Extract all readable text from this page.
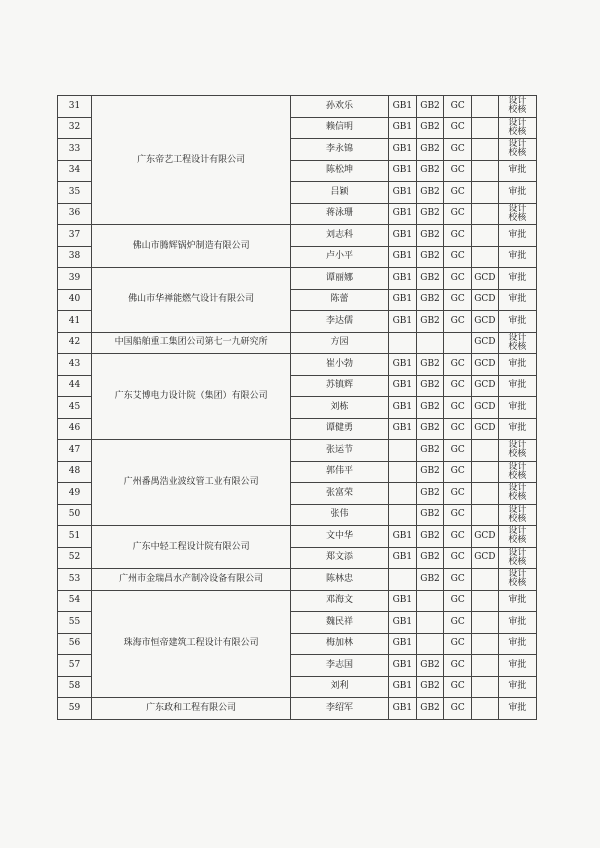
31	广东帝艺工程设计有限公司	孙欢乐	GB1	GB2	GC		设计
校核
32		赖信明	GB1	GB2	GC		设计
校核
33		李永锦	GB1	GB2	GC		设计
校核
34		陈松坤	GB1	GB2	GC		审批
35		吕颖	GB1	GB2	GC		审批
36		蒋泳珊	GB1	GB2	GC		设计
校核
37	佛山市腾辉锅炉制造有限公司	刘志科	GB1	GB2	GC		审批
38		卢小平	GB1	GB2	GC		审批
39	佛山市华禅能燃气设计有限公司	谭丽娜	GB1	GB2	GC	GCD	审批
40		陈蕾	GB1	GB2	GC	GCD	审批
41		李达儒	GB1	GB2	GC	GCD	审批
42	中国船舶重工集团公司第七一九研究所	方园				GCD	设计
校核
43	广东艾博电力设计院（集团）有限公司	崔小勃	GB1	GB2	GC	GCD	审批
44		苏镇辉	GB1	GB2	GC	GCD	审批
45		刘栋	GB1	GB2	GC	GCD	审批
46		谭健勇	GB1	GB2	GC	GCD	审批
47	广州番禺浩业波纹管工业有限公司	张运节		GB2	GC		设计
校核
48		郭伟平		GB2	GC		设计
校核
49		张富荣		GB2	GC		设计
校核
50		张伟		GB2	GC		设计
校核
51	广东中轻工程设计院有限公司	文中华	GB1	GB2	GC	GCD	设计
校核
52		郑文添	GB1	GB2	GC	GCD	设计
校核
53	广州市金瑞昌水产制冷设备有限公司	陈林忠		GB2	GC		设计
校核
54	珠海市恒帝建筑工程设计有限公司	邓海文	GB1		GC		审批
55		魏民祥	GB1		GC		审批
56		梅加林	GB1		GC		审批
57		李志国	GB1	GB2	GC		审批
58		刘利	GB1	GB2	GC		审批
59	广东政和工程有限公司	李绍军	GB1	GB2	GC		审批
